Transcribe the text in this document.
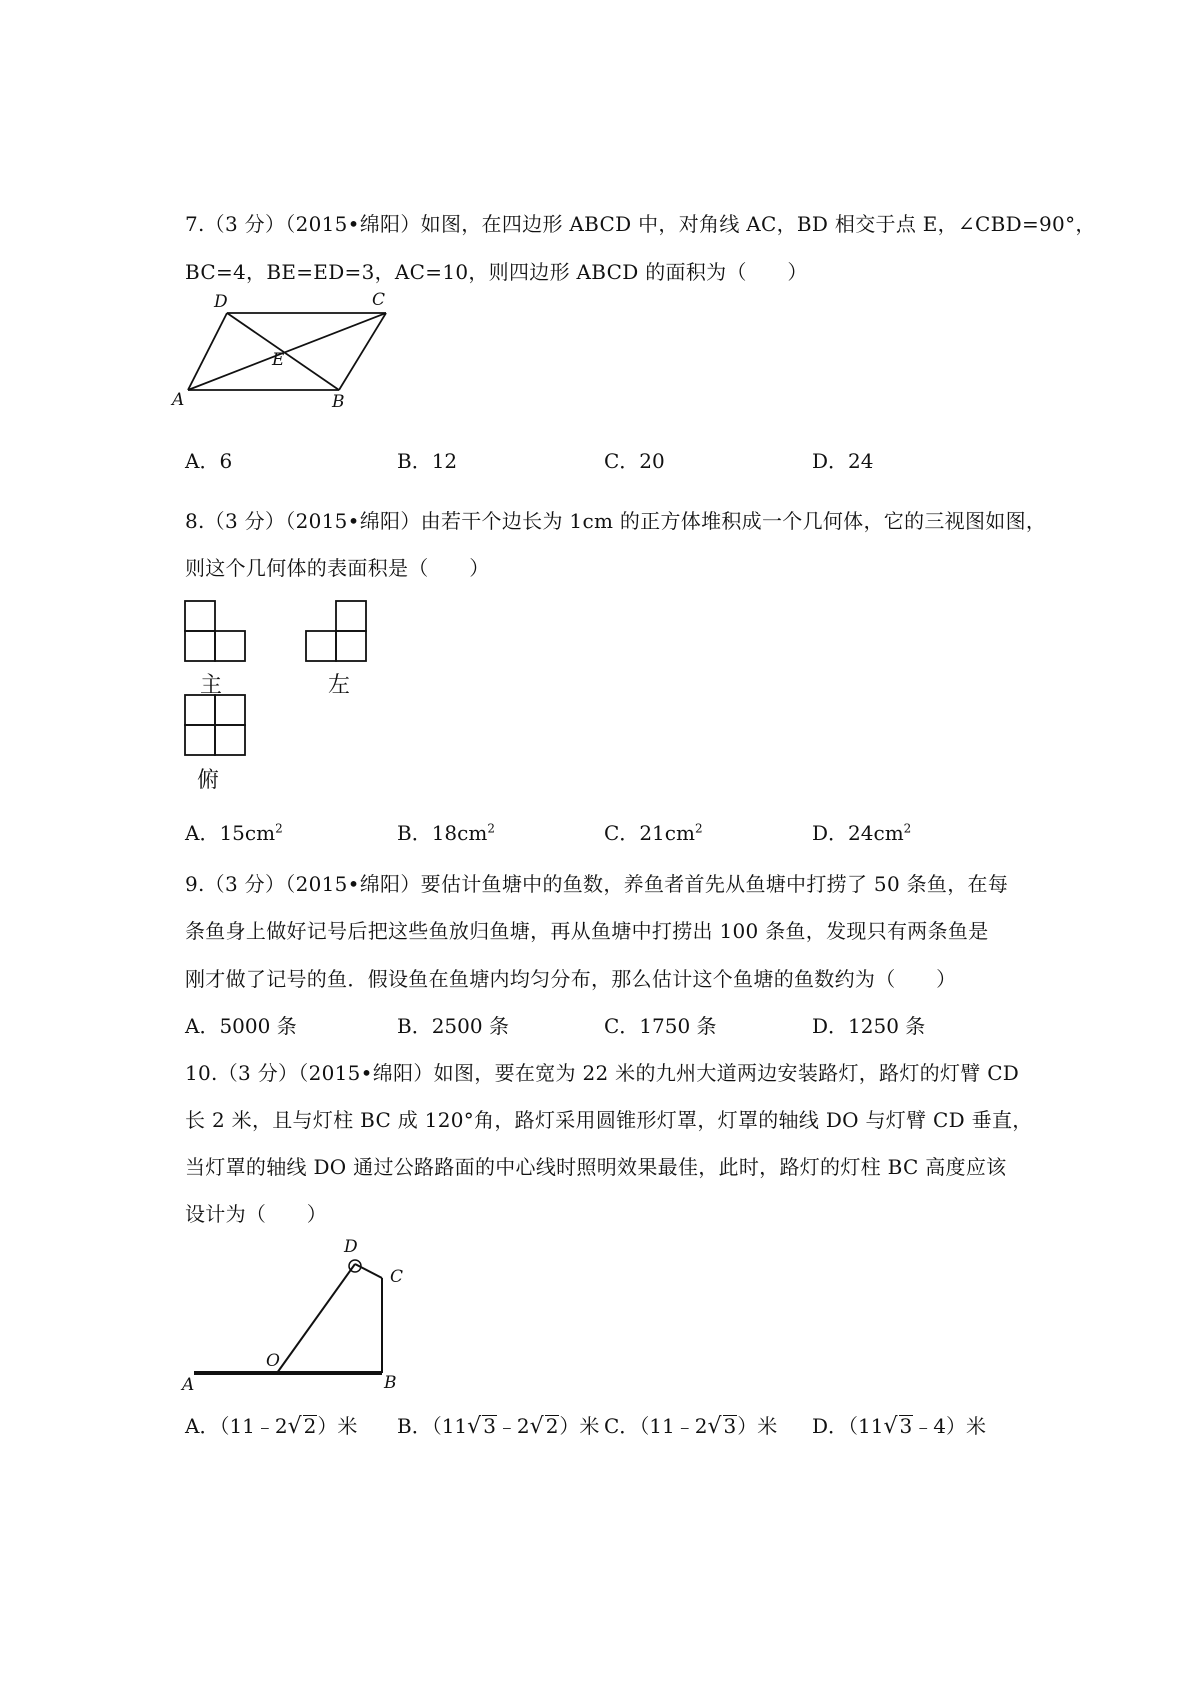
7.（3 分）（2015•绵阳）如图，在四边形 ABCD 中，对角线 AC，BD 相交于点 E，∠CBD=90°，
BC=4，BE=ED=3，AC=10，则四边形 ABCD 的面积为（　　）
D	C
E
A	B
A．6	B．12	C．20	D．24
8.（3 分）（2015•绵阳）由若干个边长为 1cm 的正方体堆积成一个几何体，它的三视图如图，
则这个几何体的表面积是（　　）
主	左
俯
A．$15cm^2$	B．$18cm^2$	C．$21cm^2$	D．$24cm^2$
9.（3 分）（2015•绵阳）要估计鱼塘中的鱼数，养鱼者首先从鱼塘中打捞了 50 条鱼，在每
条鱼身上做好记号后把这些鱼放归鱼塘，再从鱼塘中打捞出 100 条鱼，发现只有两条鱼是
刚才做了记号的鱼．假设鱼在鱼塘内均匀分布，那么估计这个鱼塘的鱼数约为（　　）
A．5000 条	B．2500 条	C．1750 条	D．1250 条
10.（3 分）（2015•绵阳）如图，要在宽为 22 米的九州大道两边安装路灯，路灯的灯臂 CD
长 2 米，且与灯柱 BC 成 120°角，路灯采用圆锥形灯罩，灯罩的轴线 DO 与灯臂 CD 垂直，
当灯罩的轴线 DO 通过公路路面的中心线时照明效果最佳，此时，路灯的灯柱 BC 高度应该
设计为（　　）
D
C
O
A	B
A．（11﹣2√ 2）米 B．（11√ 3﹣2√ 2）米 C．（11﹣2√ 3）米 D．（11√ 3﹣4）米
